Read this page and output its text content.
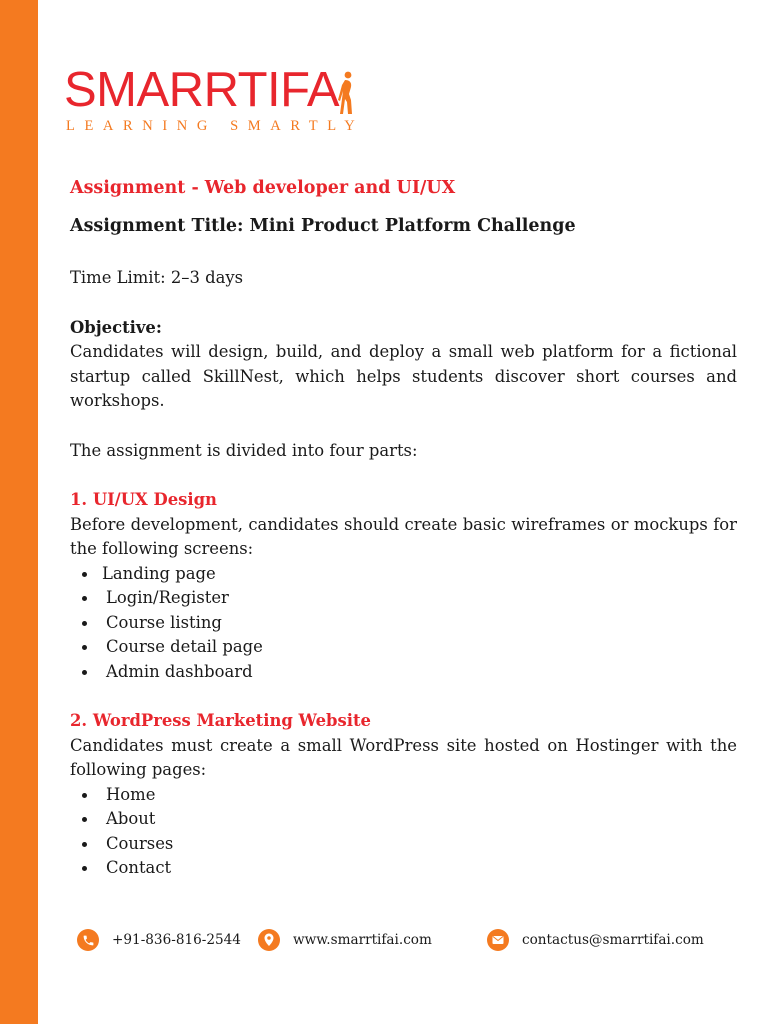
SMARRTIFA
LEARNING SMARTLY
Assignment - Web developer and UI/UX
Assignment Title: Mini Product Platform Challenge

Time Limit: 2–3 days

Objective:

Candidates will design, build, and deploy a small web platform for a fictional startup called SkillNest, which helps students discover short courses and workshops.

The assignment is divided into four parts:

1. UI/UX Design

Before development, candidates should create basic wireframes or mockups for the following screens:

Landing page
Login/Register
Course listing
Course detail page
Admin dashboard
2. WordPress Marketing Website

Candidates must create a small WordPress site hosted on Hostinger with the following pages:

Home
About
Courses
Contact
+91-836-816-2544	www.smarrtifai.com	contactus@smarrtifai.com
